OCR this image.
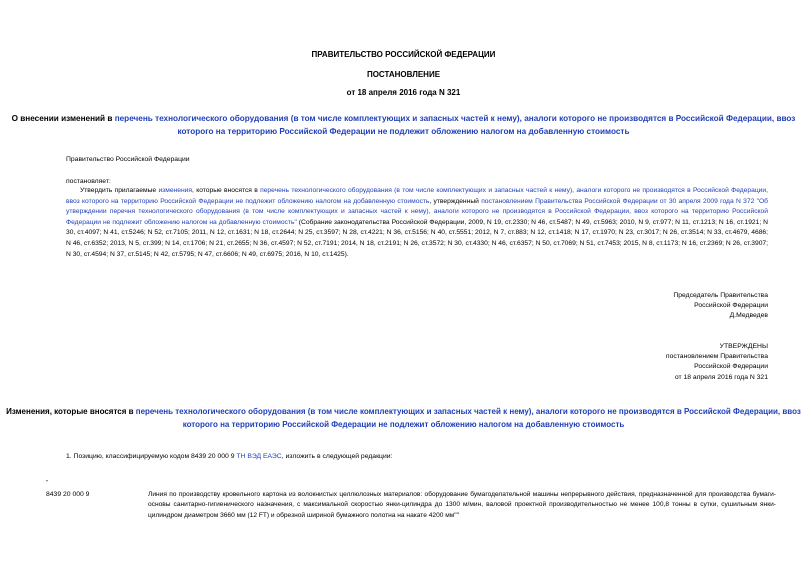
ПРАВИТЕЛЬСТВО РОССИЙСКОЙ ФЕДЕРАЦИИ
ПОСТАНОВЛЕНИЕ
от 18 апреля 2016 года N 321
О внесении изменений в перечень технологического оборудования (в том числе комплектующих и запасных частей к нему), аналоги которого не производятся в Российской Федерации, ввоз которого на территорию Российской Федерации не подлежит обложению налогом на добавленную стоимость
Правительство Российской Федерации
постановляет:
Утвердить прилагаемые изменения, которые вносятся в перечень технологического оборудования (в том числе комплектующих и запасных частей к нему), аналоги которого не производятся в Российской Федерации, ввоз которого на территорию Российской Федерации не подлежит обложению налогом на добавленную стоимость, утвержденный постановлением Правительства Российской Федерации от 30 апреля 2009 года N 372 "Об утверждении перечня технологического оборудования (в том числе комплектующих и запасных частей к нему), аналоги которого не производятся в Российской Федерации, ввоз которого на территорию Российской Федерации не подлежит обложению налогом на добавленную стоимость" (Собрание законодательства Российской Федерации, 2009, N 19, ст.2330; N 46, ст.5487; N 49, ст.5963; 2010, N 9, ст.977; N 11, ст.1213; N 16, ст.1921; N 30, ст.4097; N 41, ст.5246; N 52, ст.7105; 2011, N 12, ст.1631; N 18, ст.2644; N 25, ст.3597; N 28, ст.4221; N 36, ст.5156; N 40, ст.5551; 2012, N 7, ст.883; N 12, ст.1418; N 17, ст.1970; N 23, ст.3017; N 26, ст.3514; N 33, ст.4679, 4686; N 46, ст.6352; 2013, N 5, ст.399; N 14, ст.1706; N 21, ст.2655; N 36, ст.4597; N 52, ст.7191; 2014, N 18, ст.2191; N 26, ст.3572; N 30, ст.4330; N 46, ст.6357; N 50, ст.7069; N 51, ст.7453; 2015, N 8, ст.1173; N 16, ст.2369; N 26, ст.3907; N 30, ст.4594; N 37, ст.5145; N 42, ст.5795; N 47, ст.6606; N 49, ст.6975; 2016, N 10, ст.1425).
Председатель Правительства
Российской Федерации
Д.Медведев
УТВЕРЖДЕНЫ
постановлением Правительства
Российской Федерации
от 18 апреля 2016 года N 321
Изменения, которые вносятся в перечень технологического оборудования (в том числе комплектующих и запасных частей к нему), аналоги которого не производятся в Российской Федерации, ввоз которого на территорию Российской Федерации не подлежит обложению налогом на добавленную стоимость
1. Позицию, классифицируемую кодом 8439 20 000 9 ТН ВЭД ЕАЭС, изложить в следующей редакции:
"
8439 20 000 9	Линия по производству кровельного картона из волокнистых целлюлозных материалов: оборудование бумагоделательной машины непрерывного действия, предназначенной для производства бумаги-основы санитарно-гигиенического назначения, с максимальной скоростью янки-цилиндра до 1300 м/мин, валовой проектной производительностью не менее 100,8 тонны в сутки, сушильным янки-цилиндром диаметром 3660 мм (12 FT) и обрезной шириной бумажного полотна на накате 4200 мм""
